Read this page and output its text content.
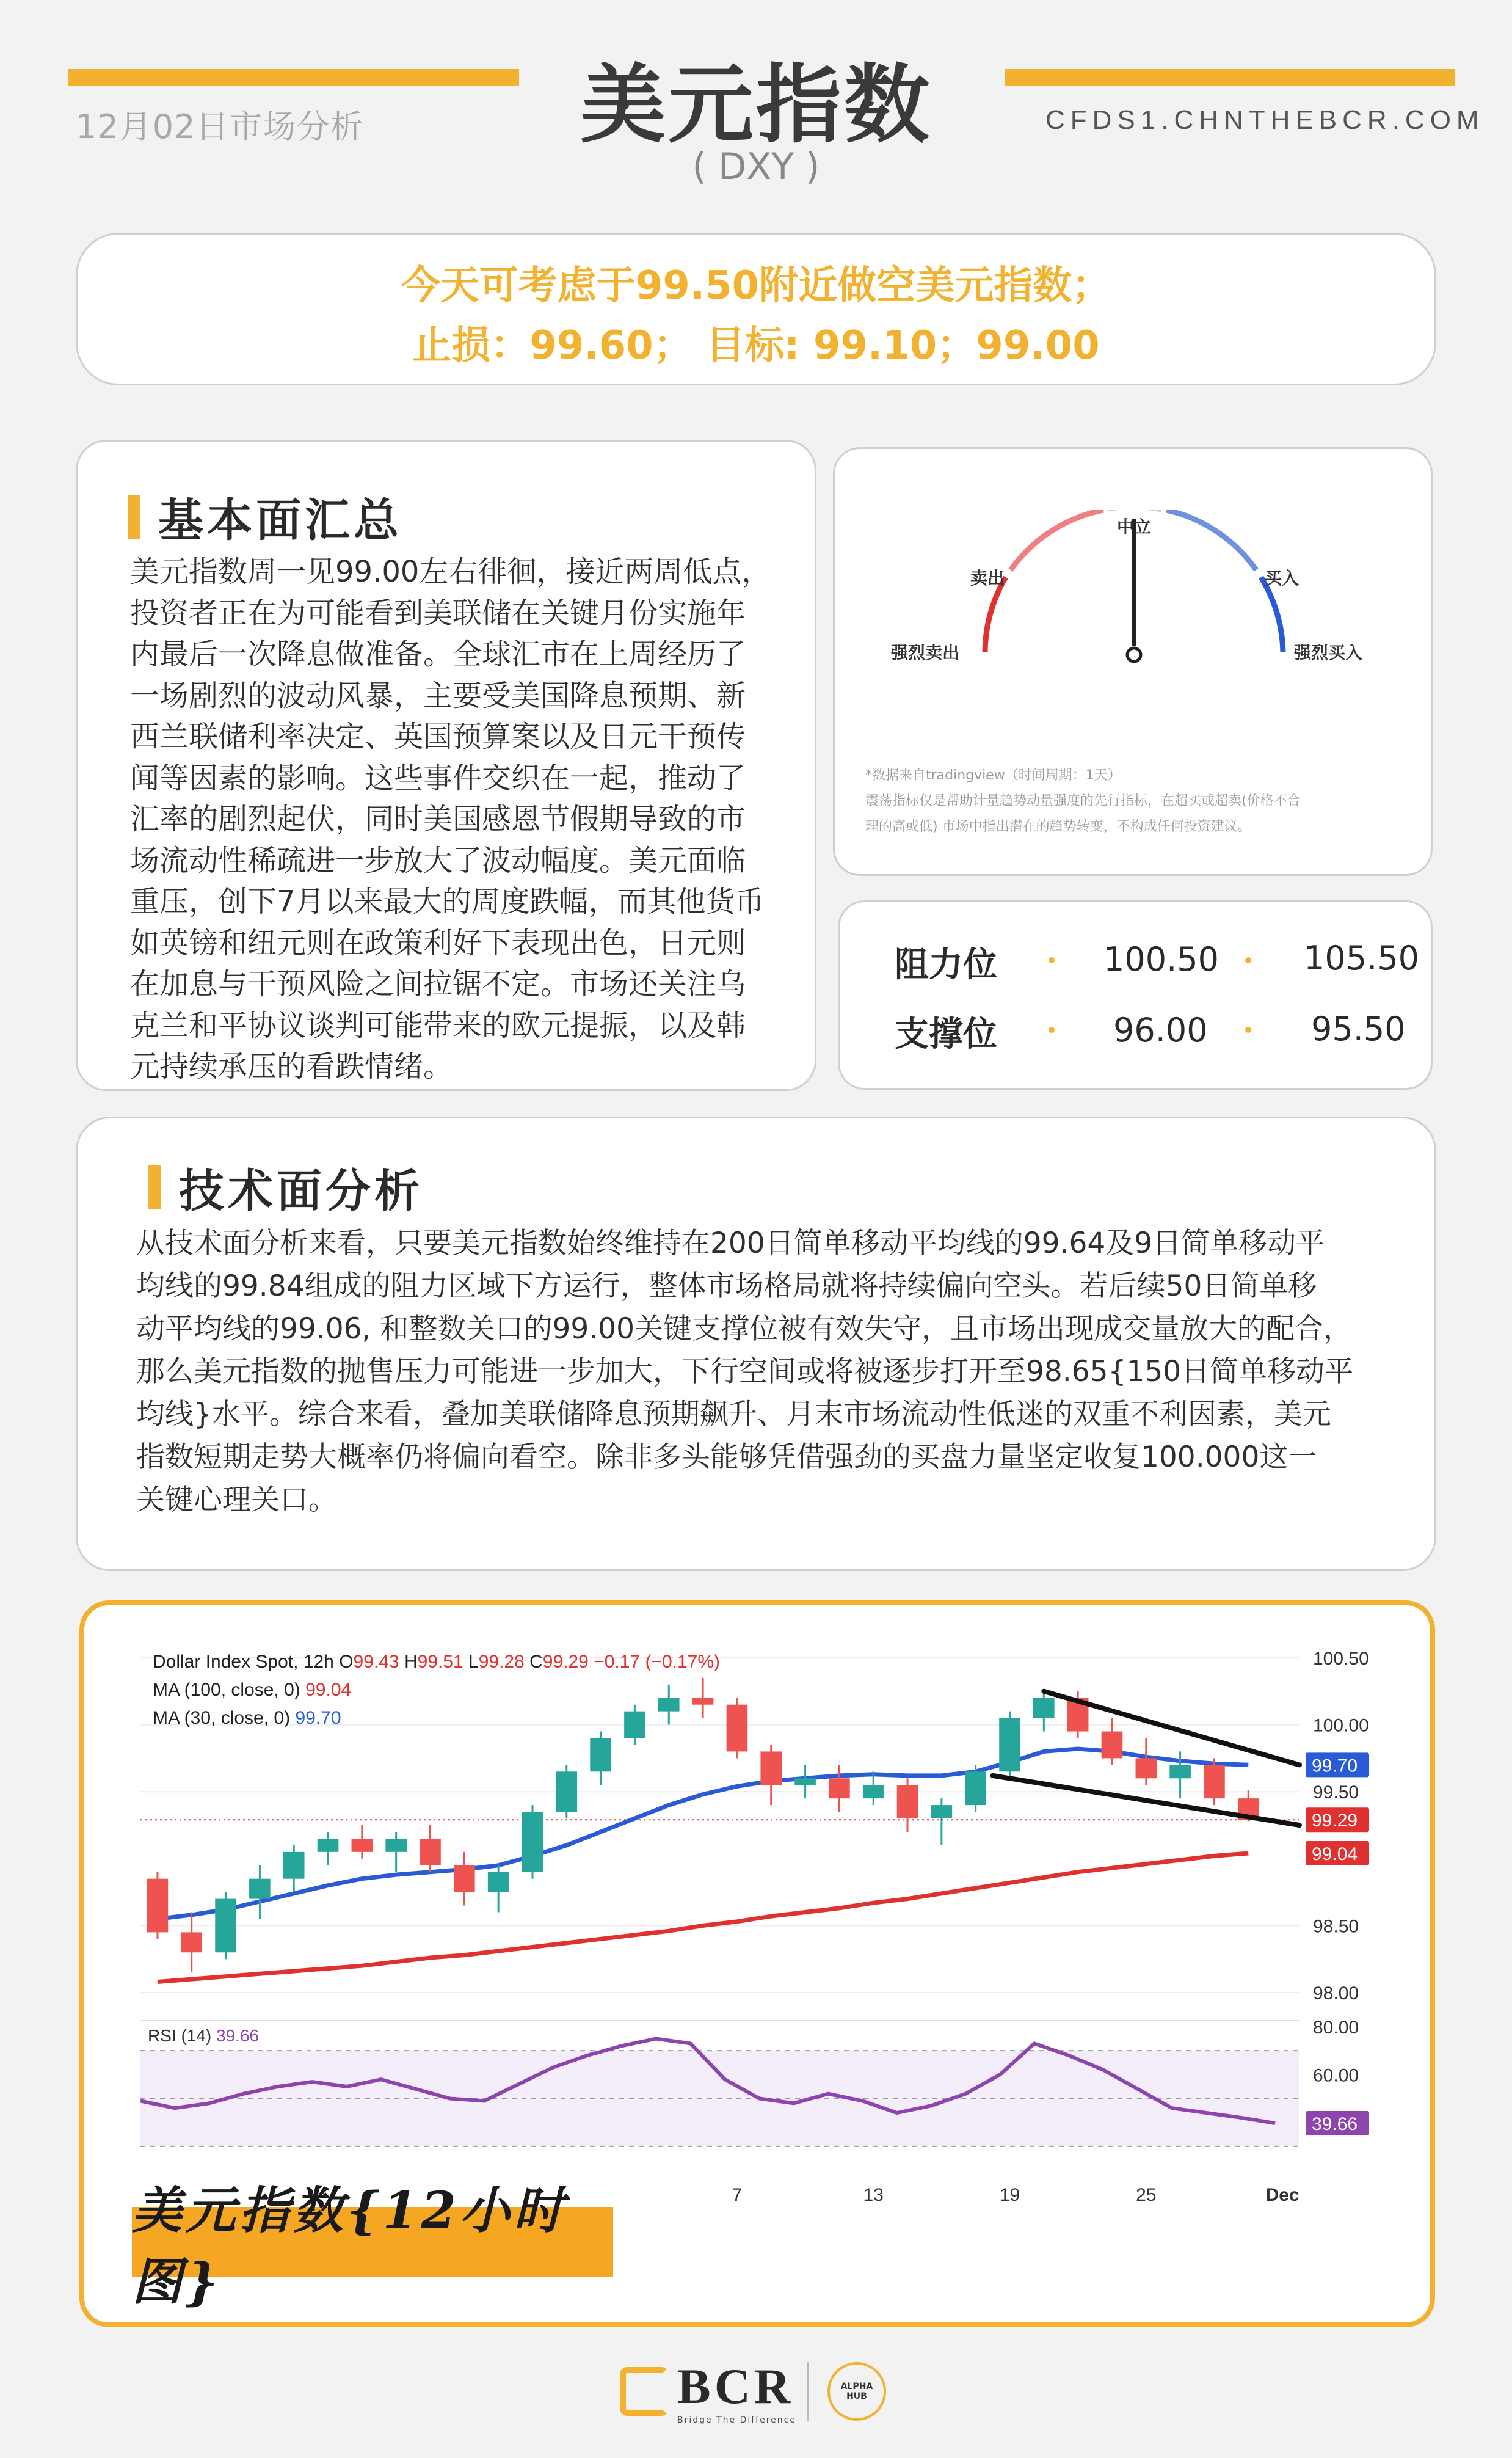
12月02日市场分析	美元指数
( DXY )
CFDS1.CHNTHEBCR.COM
今天可考虑于99.50附近做空美元指数；
止损：99.60； 目标: 99.10；99.00
基本面汇总
美元指数周一见99.00左右徘徊，接近两周低点，
投资者正在为可能看到美联储在关键月份实施年
内最后一次降息做准备。全球汇市在上周经历了
一场剧烈的波动风暴，主要受美国降息预期、新
西兰联储利率决定、英国预算案以及日元干预传
闻等因素的影响。这些事件交织在一起，推动了
汇率的剧烈起伏，同时美国感恩节假期导致的市
场流动性稀疏进一步放大了波动幅度。美元面临
重压，创下7月以来最大的周度跌幅，而其他货币
如英镑和纽元则在政策利好下表现出色，日元则
在加息与干预风险之间拉锯不定。市场还关注乌
克兰和平协议谈判可能带来的欧元提振，以及韩
元持续承压的看跌情绪。
中立
卖出	买入
强烈卖出	强烈买入
*数据来自tradingview（时间周期：1天）
震荡指标仅是帮助计量趋势动量强度的先行指标，在超买或超卖(价格不合
理的高或低) 市场中指出潜在的趋势转变，不构成任何投资建议。
阻力位	100.50	105.50
支撑位	96.00	95.50
技术面分析
从技术面分析来看，只要美元指数始终维持在200日简单移动平均线的99.64及9日简单移动平
均线的99.84组成的阻力区域下方运行，整体市场格局就将持续偏向空头。若后续50日简单移
动平均线的99.06, 和整数关口的99.00关键支撑位被有效失守，且市场出现成交量放大的配合，
那么美元指数的抛售压力可能进一步加大，下行空间或将被逐步打开至98.65{150日简单移动平
均线}水平。综合来看，叠加美联储降息预期飙升、月末市场流动性低迷的双重不利因素，美元
指数短期走势大概率仍将偏向看空。除非多头能够凭借强劲的买盘力量坚定收复100.000这一
关键心理关口。
100.50
100.00
99.50
98.50
98.00
99.70
99.29
99.04
80.00
60.00
39.66
RSI (14) 39.66
7	13	19	25	Dec
Dollar Index Spot, 12h O99.43 H99.51 L99.28 C99.29 −0.17 (−0.17%)
MA (100, close, 0) 99.04
MA (30, close, 0) 99.70
美元指数{12小时图}
BCR
Bridge The Difference
ALPHA
HUB
